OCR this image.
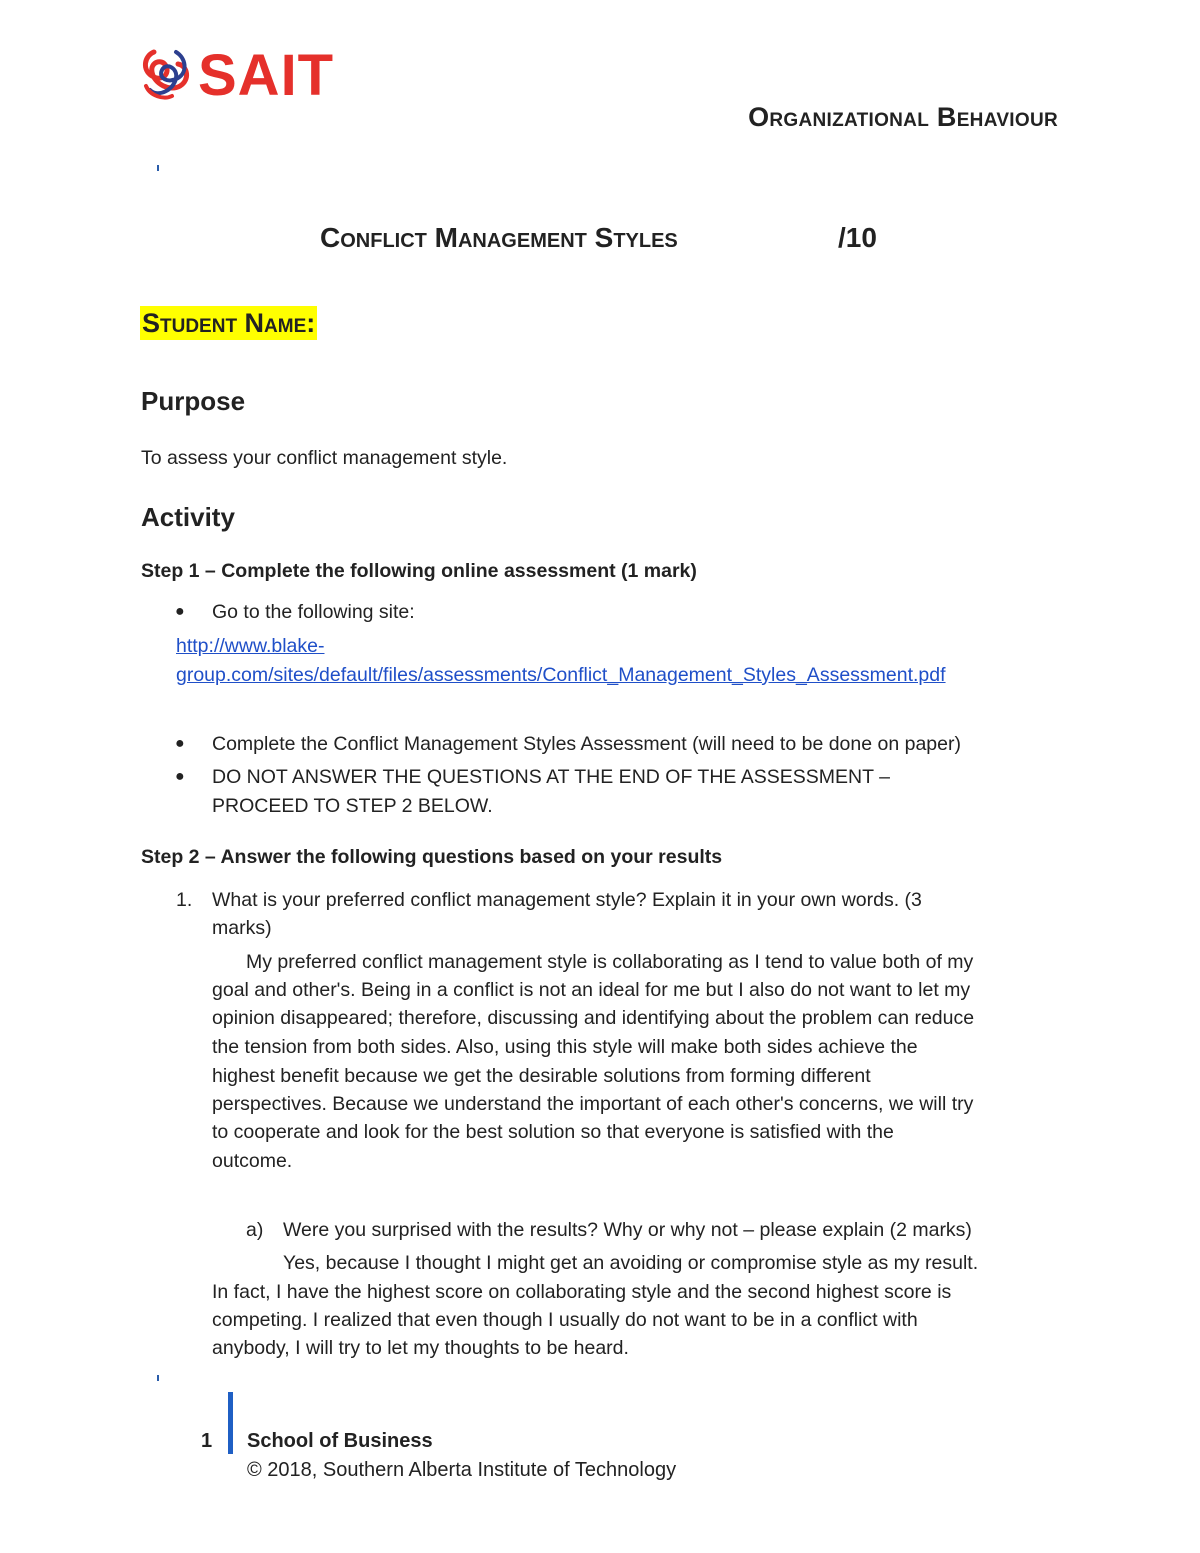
SAIT
Organizational Behaviour
Conflict Management Styles	/10
Student Name:
Purpose
To assess your conflict management style.
Activity
Step 1 – Complete the following online assessment (1 mark)
● Go to the following site:
http://www.blake-
group.com/sites/default/files/assessments/Conflict_Management_Styles_Assessment.pdf
● Complete the Conflict Management Styles Assessment (will need to be done on paper)
● DO NOT ANSWER THE QUESTIONS AT THE END OF THE ASSESSMENT –
PROCEED TO STEP 2 BELOW.
Step 2 – Answer the following questions based on your results
1. What is your preferred conflict management style? Explain it in your own words. (3
marks)
My preferred conflict management style is collaborating as I tend to value both of my
goal and other's. Being in a conflict is not an ideal for me but I also do not want to let my
opinion disappeared; therefore, discussing and identifying about the problem can reduce
the tension from both sides. Also, using this style will make both sides achieve the
highest benefit because we get the desirable solutions from forming different
perspectives. Because we understand the important of each other's concerns, we will try
to cooperate and look for the best solution so that everyone is satisfied with the
outcome.
a) Were you surprised with the results? Why or why not – please explain (2 marks)
Yes, because I thought I might get an avoiding or compromise style as my result.
In fact, I have the highest score on collaborating style and the second highest score is
competing. I realized that even though I usually do not want to be in a conflict with
anybody, I will try to let my thoughts to be heard.
1 School of Business
© 2018, Southern Alberta Institute of Technology
